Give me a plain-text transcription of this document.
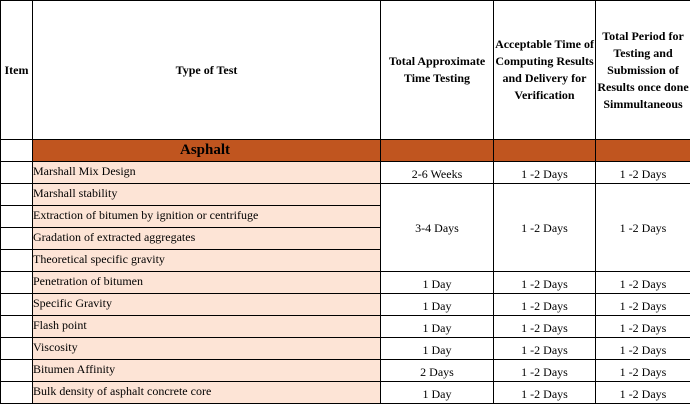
Item	Type of Test	Total Approximate Time Testing	Acceptable Time of Computing Results and Delivery for Verification	Total Period for Testing and Submission of Results once done Simmultaneous
	Asphalt			
	Marshall Mix Design	2-6 Weeks	1 -2 Days	1 -2 Days
	Marshall stability	3-4 Days	1 -2 Days	1 -2 Days
	Extraction of bitumen by ignition or centrifuge			
	Gradation of extracted aggregates			
	Theoretical specific gravity			
	Penetration of bitumen	1 Day	1 -2 Days	1 -2 Days
	Specific Gravity	1 Day	1 -2 Days	1 -2 Days
	Flash point	1 Day	1 -2 Days	1 -2 Days
	Viscosity	1 Day	1 -2 Days	1 -2 Days
	Bitumen Affinity	2 Days	1 -2 Days	1 -2 Days
	Bulk density of asphalt concrete core	1 Day	1 -2 Days	1 -2 Days
